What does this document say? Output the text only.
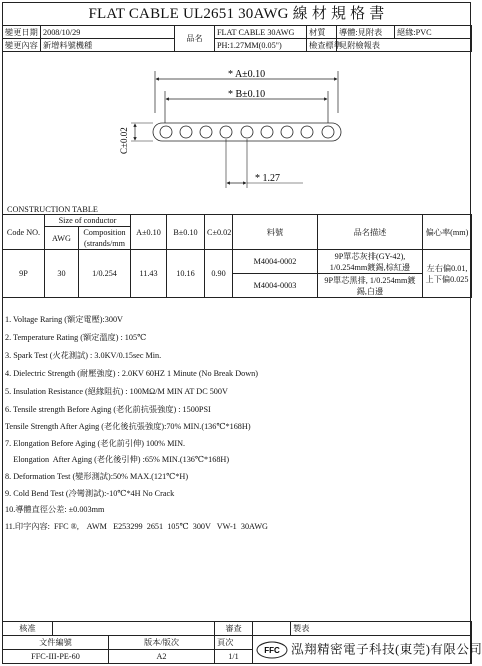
FLAT CABLE UL2651 30AWG 線 材 規 格 書
變更日期	2008/10/29	品名	FLAT CABLE 30AWG	材質	導體:見附表	絕緣:PVC
變更內容	新增料號機種		PH:1.27MM(0.05")	檢查標準	見附檢報表	
* A±0.10
* B±0.10
C±0.02
* 1.27
CONSTRUCTION TABLE
Code NO.	Size of conductor		A±0.10	B±0.10	C±0.02	料號	品名描述	偏心率(mm)
	AWG	Composition (strands/mm						
9P	30	1/0.254	11.43	10.16	0.90	M4004-0002	9P單芯灰排(GY-42), 1/0.254mm鍍錫,棕紅邊	左右偏0.01, 上下偏0.025
						M4004-0003	9P單芯黑排, 1/0.254mm鍍錫,白邊	
1. Voltage Raring (額定電壓):300V
2. Temperature Rating (額定溫度) : 105℃
3. Spark Test (火花測試) : 3.0KV/0.15sec Min.
4. Dielectric Strength (耐壓強度) : 2.0KV 60HZ 1 Minute (No Break Down)
5. Insulation Resistance (絕緣阻抗) : 100MΩ/M MIN AT DC 500V
6. Tensile strength Before Aging (老化前抗張強度) : 1500PSI
Tensile Strength After Aging (老化後抗張強度):70% MIN.(136℃*168H)
7. Elongation Before Aging (老化前引伸) 100% MIN.
Elongation  After Aging (老化後引伸) :65% MIN.(136℃*168H)
8. Deformation Test (變形測試):50% MAX.(121℃*H)
9. Cold Bend Test (冷彎測試):-10℃*4H No Crack
10.導體直徑公差: ±0.003mm
11.印字內容:  FFC ®,    AWM   E253299  2651  105℃  300V   VW-1  30AWG
核准			審查		製表
文件編號		版本/版次	頁次	FFC 泓翔精密電子科技(東莞)有限公司	
FFC-III-PE-60		A2	1/1		
